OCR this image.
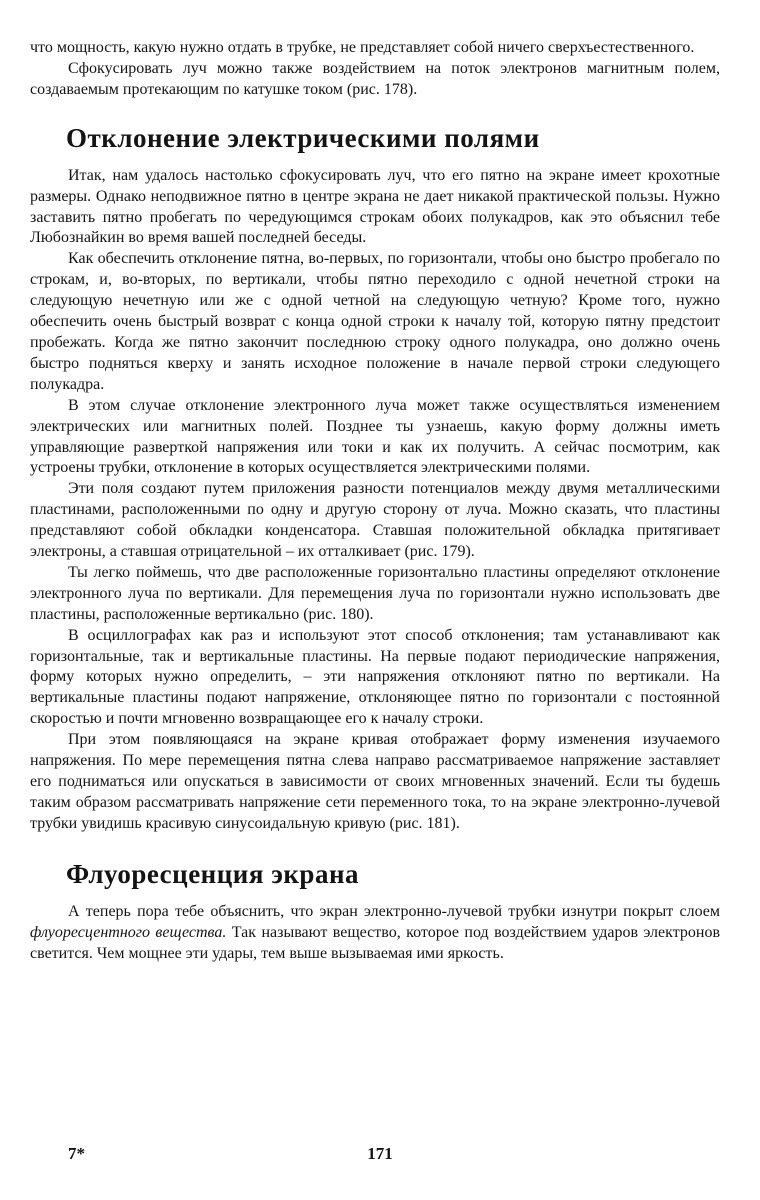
что мощность, какую нужно отдать в трубке, не представляет собой ничего сверхъестественного.

Сфокусировать луч можно также воздействием на поток электронов магнитным полем, создаваемым протекающим по катушке током (рис. 178).

Отклонение электрическими полями

Итак, нам удалось настолько сфокусировать луч, что его пятно на экране имеет крохотные размеры. Однако неподвижное пятно в центре экрана не дает никакой практической пользы. Нужно заставить пятно пробегать по чередующимся строкам обоих полукадров, как это объяснил тебе Любознайкин во время вашей последней беседы.

Как обеспечить отклонение пятна, во-первых, по горизонтали, чтобы оно быстро пробегало по строкам, и, во-вторых, по вертикали, чтобы пятно переходило с одной нечетной строки на следующую нечетную или же с одной четной на следующую четную? Кроме того, нужно обеспечить очень быстрый возврат с конца одной строки к началу той, которую пятну предстоит пробежать. Когда же пятно закончит последнюю строку одного полукадра, оно должно очень быстро подняться кверху и занять исходное положение в начале первой строки следующего полукадра.

В этом случае отклонение электронного луча может также осуществляться изменением электрических или магнитных полей. Позднее ты узнаешь, какую форму должны иметь управляющие разверткой напряжения или токи и как их получить. А сейчас посмотрим, как устроены трубки, отклонение в которых осуществляется электрическими полями.

Эти поля создают путем приложения разности потенциалов между двумя металлическими пластинами, расположенными по одну и другую сторону от луча. Можно сказать, что пластины представляют собой обкладки конденсатора. Ставшая положительной обкладка притягивает электроны, а ставшая отрицательной – их отталкивает (рис. 179).

Ты легко поймешь, что две расположенные горизонтально пластины определяют отклонение электронного луча по вертикали. Для перемещения луча по горизонтали нужно использовать две пластины, расположенные вертикально (рис. 180).

В осциллографах как раз и используют этот способ отклонения; там устанавливают как горизонтальные, так и вертикальные пластины. На первые подают периодические напряжения, форму которых нужно определить, – эти напряжения отклоняют пятно по вертикали. На вертикальные пластины подают напряжение, отклоняющее пятно по горизонтали с постоянной скоростью и почти мгновенно возвращающее его к началу строки.

При этом появляющаяся на экране кривая отображает форму изменения изучаемого напряжения. По мере перемещения пятна слева направо рассматриваемое напряжение заставляет его подниматься или опускаться в зависимости от своих мгновенных значений. Если ты будешь таким образом рассматривать напряжение сети переменного тока, то на экране электронно-лучевой трубки увидишь красивую синусоидальную кривую (рис. 181).

Флуоресценция экрана

А теперь пора тебе объяснить, что экран электронно-лучевой трубки изнутри покрыт слоем флуоресцентного вещества. Так называют вещество, которое под воздействием ударов электронов светится. Чем мощнее эти удары, тем выше вызываемая ими яркость.

7*	171
